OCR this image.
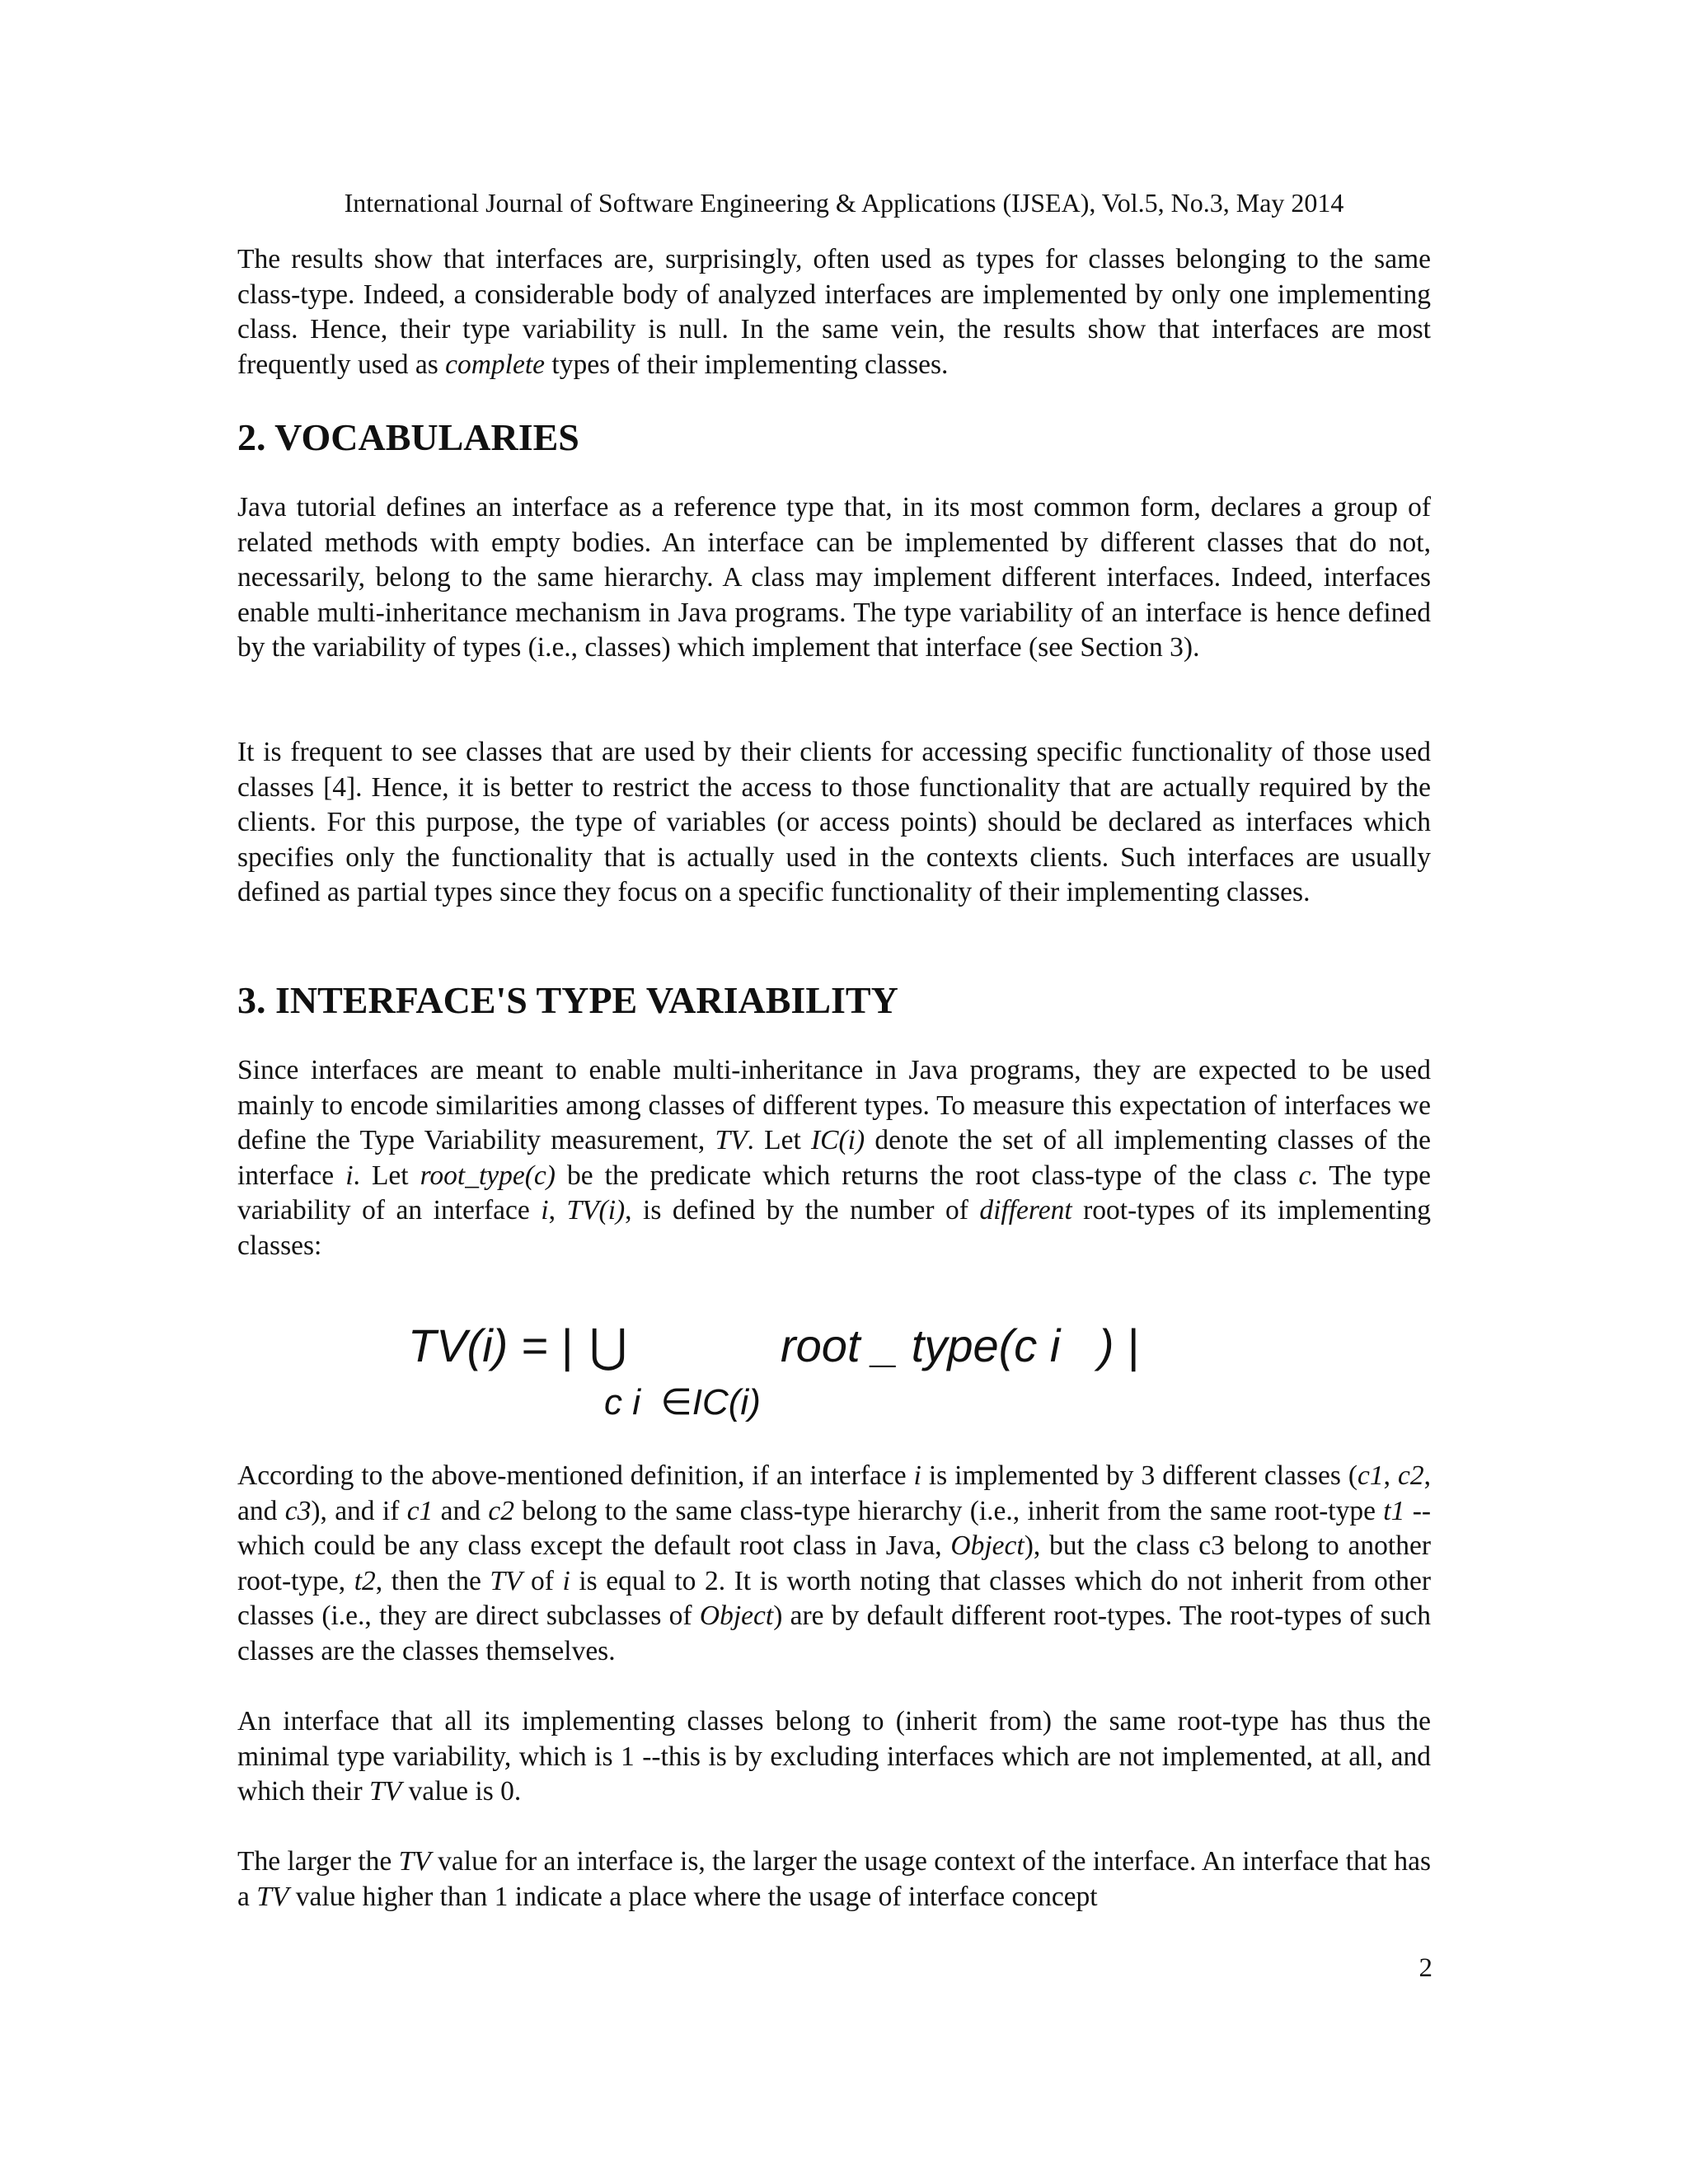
International Journal of Software Engineering & Applications (IJSEA), Vol.5, No.3, May 2014

The results show that interfaces are, surprisingly, often used as types for classes belonging to the same class-type. Indeed, a considerable body of analyzed interfaces are implemented by only one implementing class. Hence, their type variability is null. In the same vein, the results show that interfaces are most frequently used as complete types of their implementing classes.

2. VOCABULARIES

Java tutorial defines an interface as a reference type that, in its most common form, declares a group of related methods with empty bodies. An interface can be implemented by different classes that do not, necessarily, belong to the same hierarchy. A class may implement different interfaces. Indeed, interfaces enable multi-inheritance mechanism in Java programs. The type variability of an interface is hence defined by the variability of types (i.e., classes) which implement that interface (see Section 3).

It is frequent to see classes that are used by their clients for accessing specific functionality of those used classes [4]. Hence, it is better to restrict the access to those functionality that are actually required by the clients. For this purpose, the type of variables (or access points) should be declared as interfaces which specifies only the functionality that is actually used in the contexts clients. Such interfaces are usually defined as partial types since they focus on a specific functionality of their implementing classes.

3. INTERFACE'S TYPE VARIABILITY

Since interfaces are meant to enable multi-inheritance in Java programs, they are expected to be used mainly to encode similarities among classes of different types. To measure this expectation of interfaces we define the Type Variability measurement, TV. Let IC(i) denote the set of all implementing classes of the interface i. Let root_type(c) be the predicate which returns the root class-type of the class c. The type variability of an interface i, TV(i), is defined by the number of different root-types of its implementing classes:

TV(i) = | ⋃	root _ type(c i   ) |
c i  ∈IC(i)

According to the above-mentioned definition, if an interface i is implemented by 3 different classes (c1, c2, and c3), and if c1 and c2 belong to the same class-type hierarchy (i.e., inherit from the same root-type t1 --which could be any class except the default root class in Java, Object), but the class c3 belong to another root-type, t2, then the TV of i is equal to 2. It is worth noting that classes which do not inherit from other classes (i.e., they are direct subclasses of Object) are by default different root-types. The root-types of such classes are the classes themselves.

An interface that all its implementing classes belong to (inherit from) the same root-type has thus the minimal type variability, which is 1 --this is by excluding interfaces which are not implemented, at all, and which their TV value is 0.

The larger the TV value for an interface is, the larger the usage context of the interface. An interface that has a TV value higher than 1 indicate a place where the usage of interface concept

2
